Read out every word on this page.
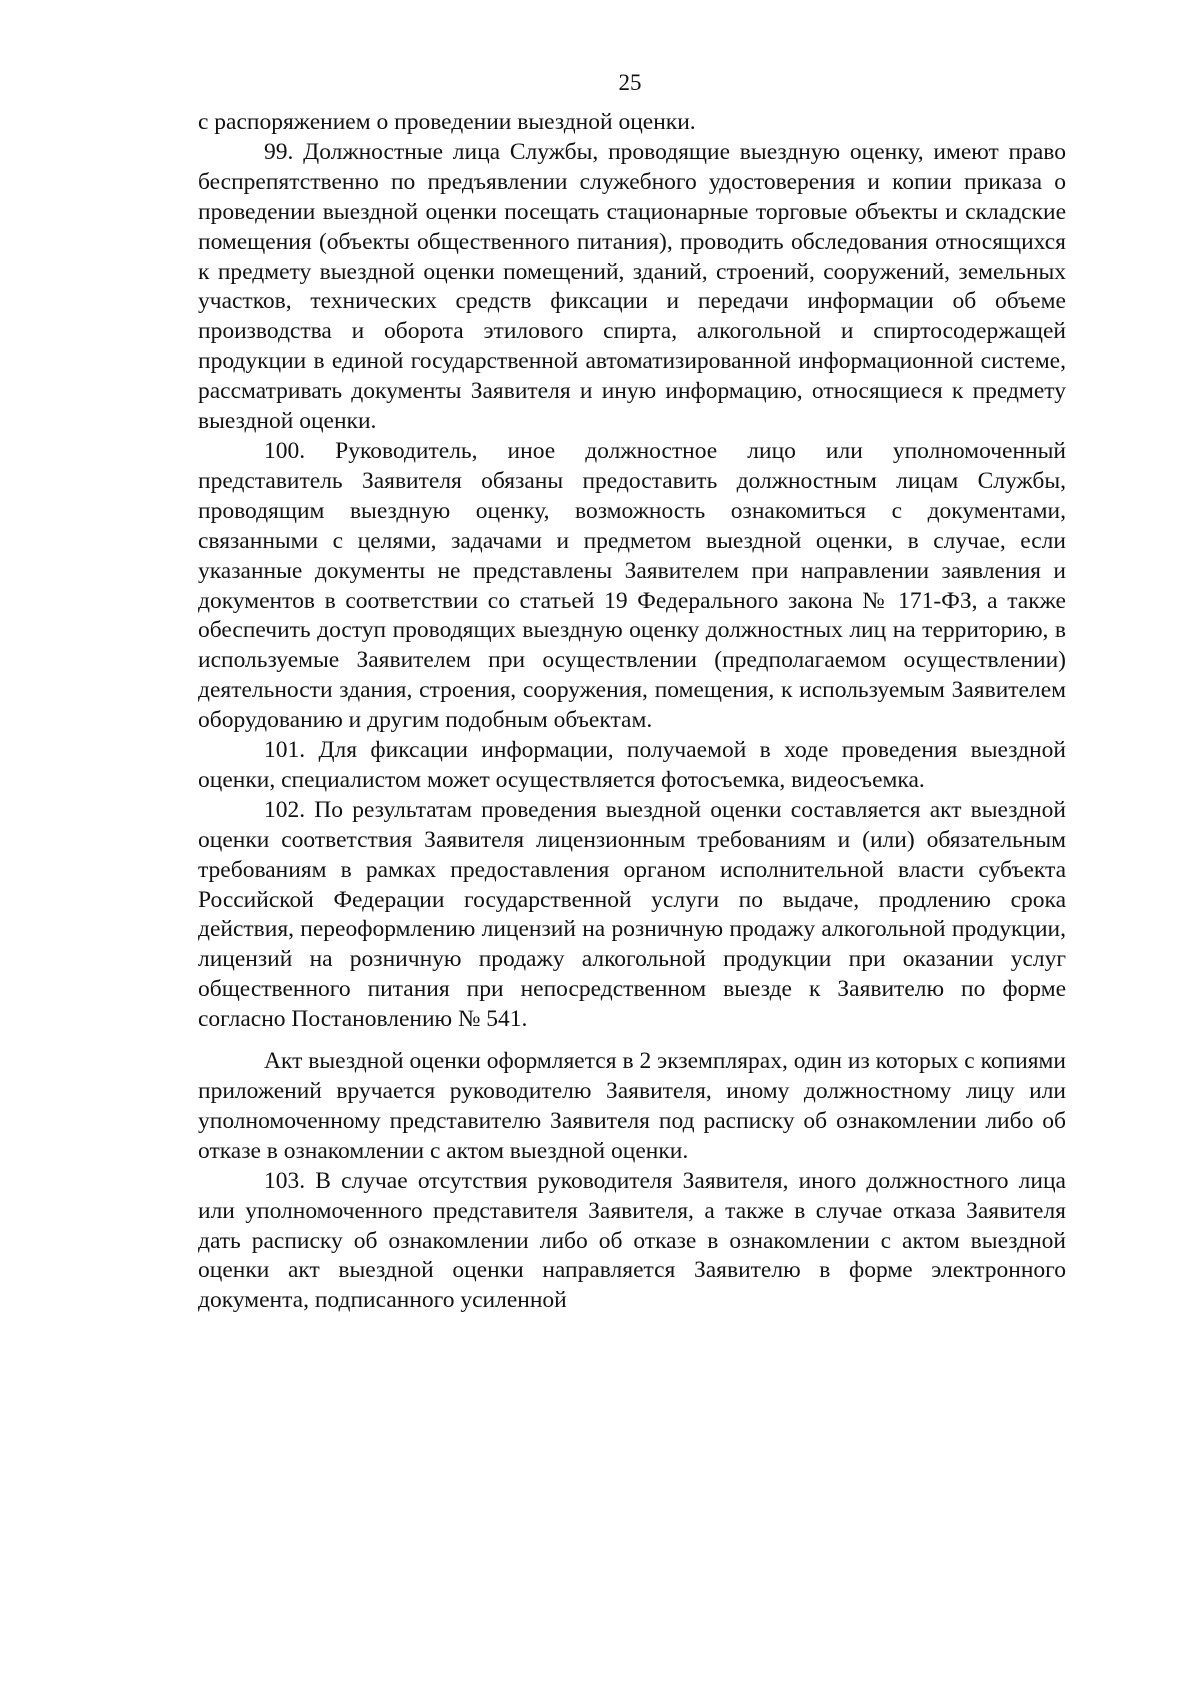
25

с распоряжением о проведении выездной оценки.

99. Должностные лица Службы, проводящие выездную оценку, имеют право беспрепятственно по предъявлении служебного удостоверения и копии приказа о проведении выездной оценки посещать стационарные торговые объекты и складские помещения (объекты общественного питания), проводить обследования относящихся к предмету выездной оценки помещений, зданий, строений, сооружений, земельных участков, технических средств фиксации и передачи информации об объеме производства и оборота этилового спирта, алкогольной и спиртосодержащей продукции в единой государственной автоматизированной информационной системе, рассматривать документы Заявителя и иную информацию, относящиеся к предмету выездной оценки.

100. Руководитель, иное должностное лицо или уполномоченный представитель Заявителя обязаны предоставить должностным лицам Службы, проводящим выездную оценку, возможность ознакомиться с документами, связанными с целями, задачами и предметом выездной оценки, в случае, если указанные документы не представлены Заявителем при направлении заявления и документов в соответствии со статьей 19 Федерального закона № 171-ФЗ, а также обеспечить доступ проводящих выездную оценку должностных лиц на территорию, в используемые Заявителем при осуществлении (предполагаемом осуществлении) деятельности здания, строения, сооружения, помещения, к используемым Заявителем оборудованию и другим подобным объектам.

101. Для фиксации информации, получаемой в ходе проведения выездной оценки, специалистом может осуществляется фотосъемка, видеосъемка.

102. По результатам проведения выездной оценки составляется акт выездной оценки соответствия Заявителя лицензионным требованиям и (или) обязательным требованиям в рамках предоставления органом исполнительной власти субъекта Российской Федерации государственной услуги по выдаче, продлению срока действия, переоформлению лицензий на розничную продажу алкогольной продукции, лицензий на розничную продажу алкогольной продукции при оказании услуг общественного питания при непосредственном выезде к Заявителю по форме согласно Постановлению № 541.

Акт выездной оценки оформляется в 2 экземплярах, один из которых с копиями приложений вручается руководителю Заявителя, иному должностному лицу или уполномоченному представителю Заявителя под расписку об ознакомлении либо об отказе в ознакомлении с актом выездной оценки.

103. В случае отсутствия руководителя Заявителя, иного должностного лица или уполномоченного представителя Заявителя, а также в случае отказа Заявителя дать расписку об ознакомлении либо об отказе в ознакомлении с актом выездной оценки акт выездной оценки направляется Заявителю в форме электронного документа, подписанного усиленной
